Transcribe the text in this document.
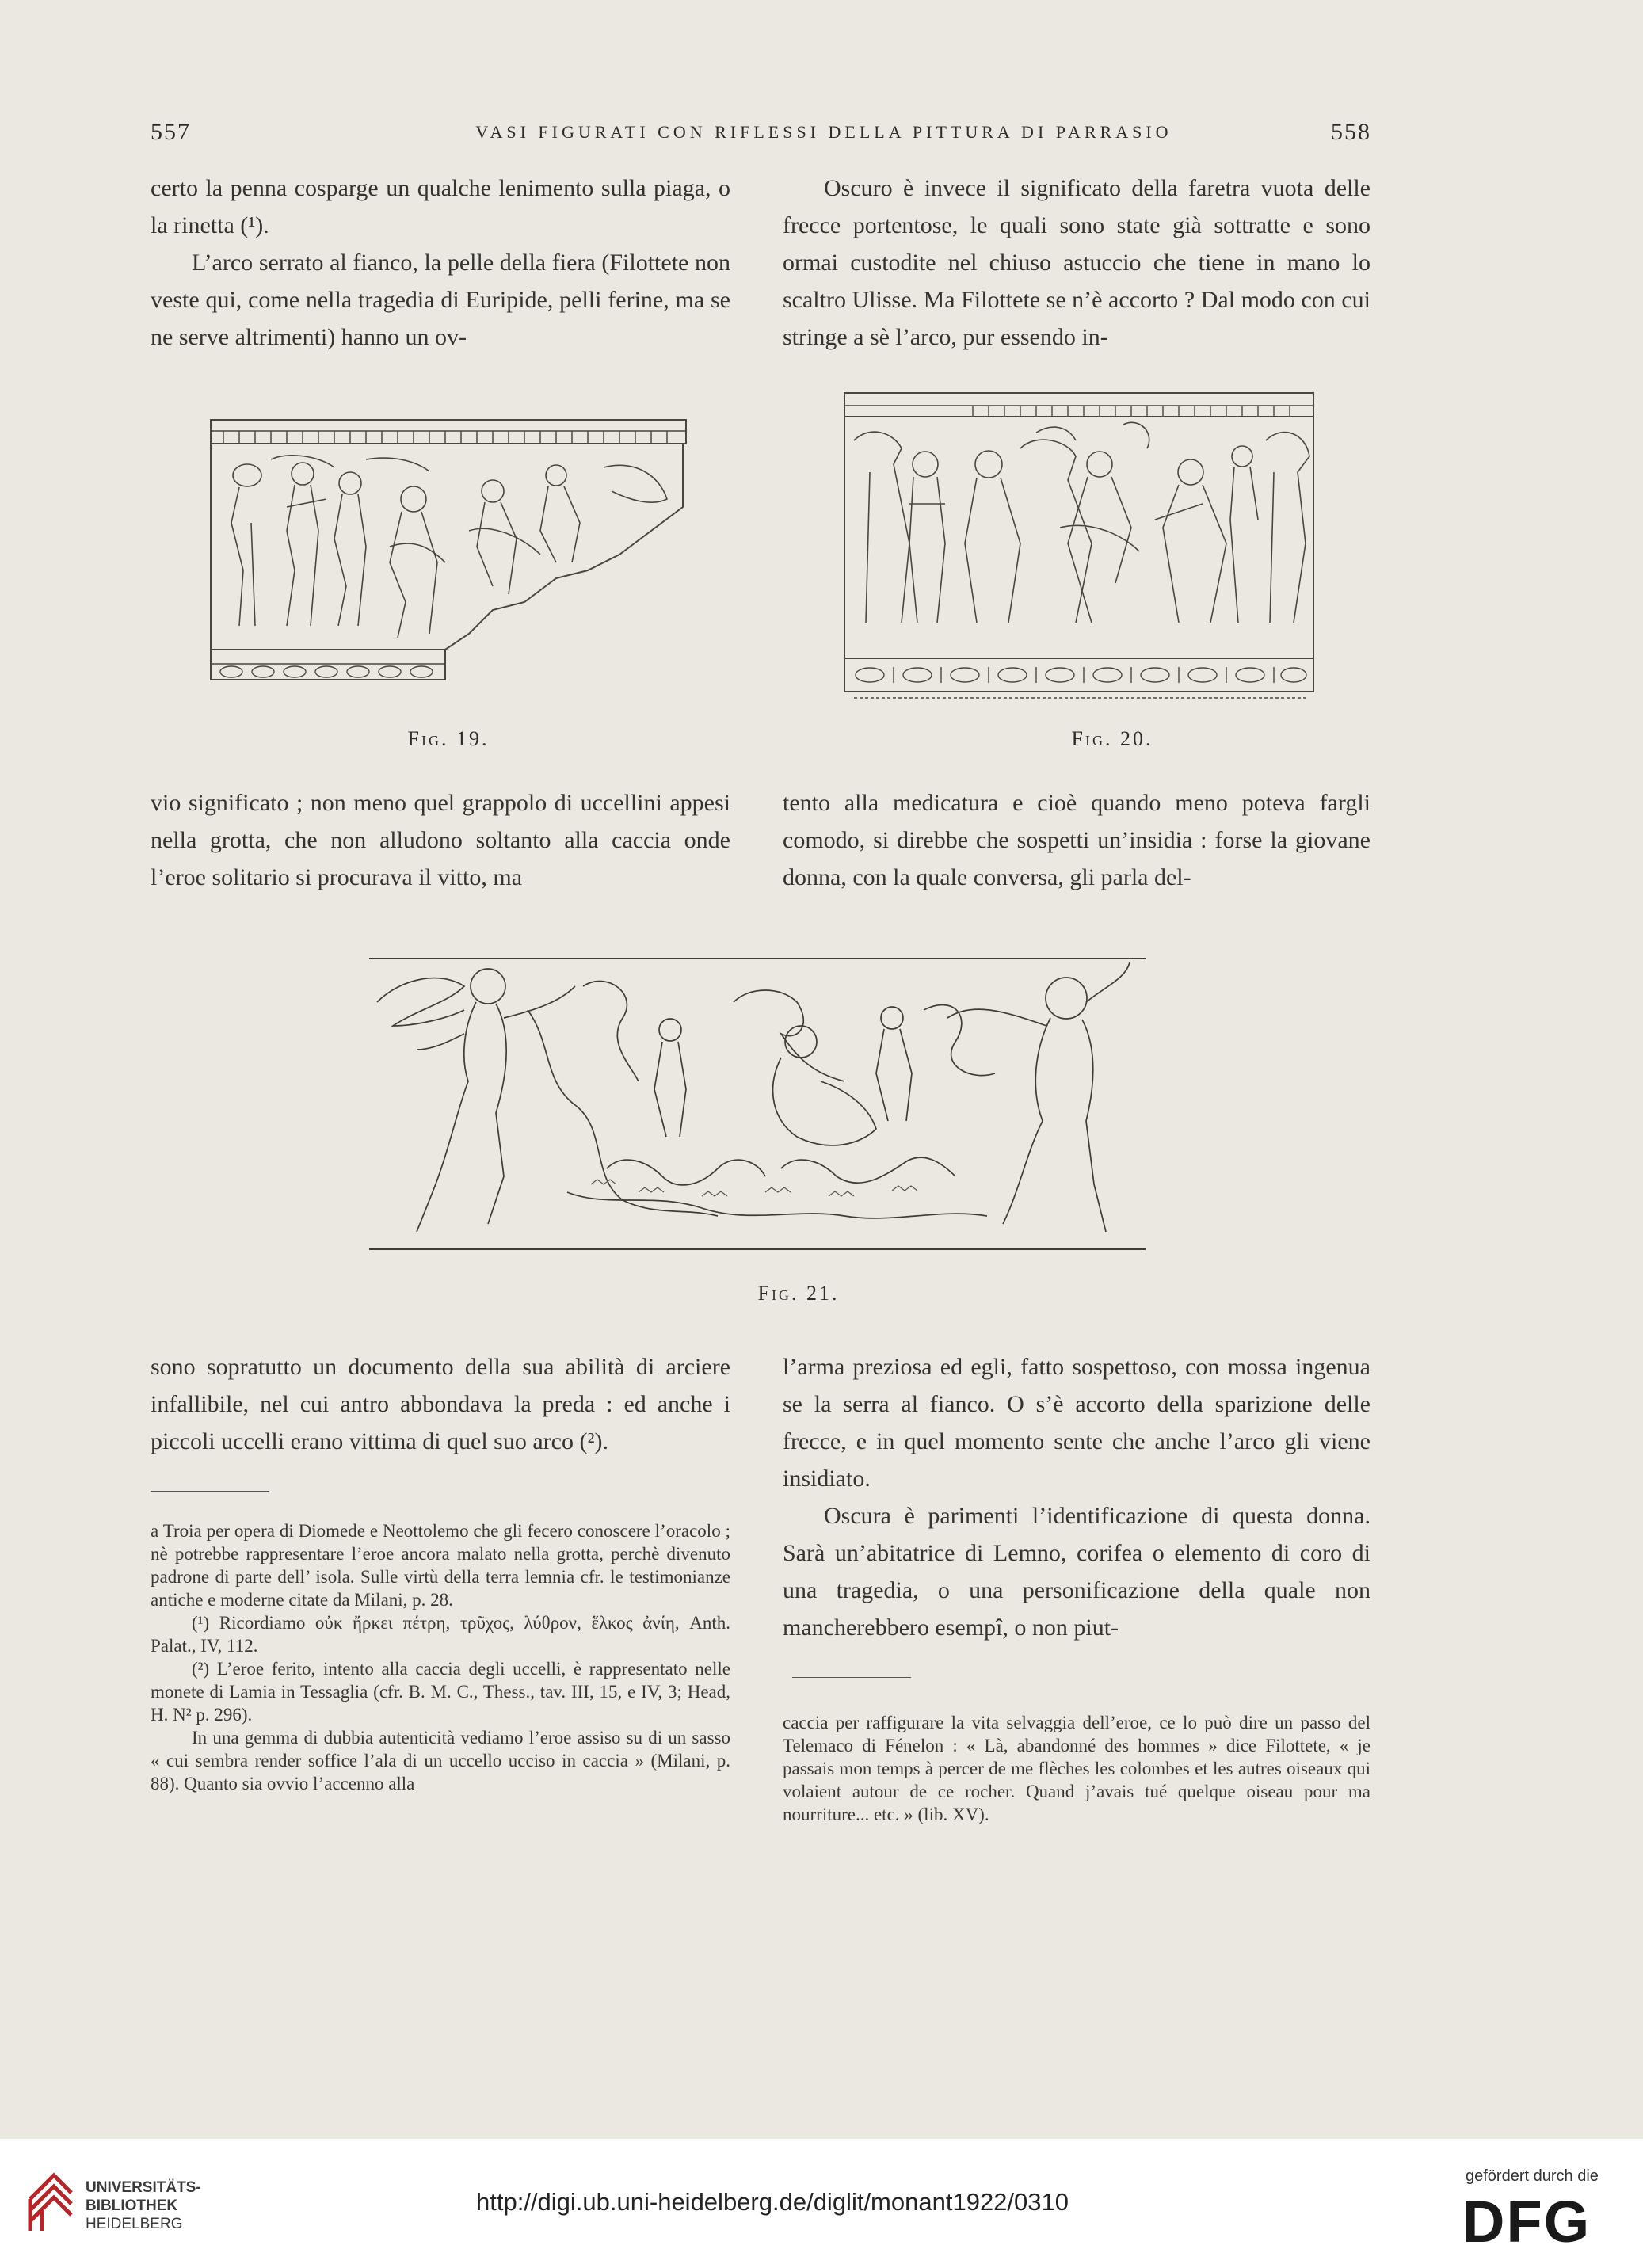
557	VASI FIGURATI CON RIFLESSI DELLA PITTURA DI PARRASIO	558

certo la penna cosparge un qualche lenimento sulla piaga, o la rinetta (¹).

L’arco serrato al fianco, la pelle della fiera (Filottete non veste qui, come nella tragedia di Euripide, pelli ferine, ma se ne serve altrimenti) hanno un ov-

Oscuro è invece il significato della faretra vuota delle frecce portentose, le quali sono state già sottratte e sono ormai custodite nel chiuso astuccio che tiene in mano lo scaltro Ulisse. Ma Filottete se n’è accorto ? Dal modo con cui stringe a sè l’arco, pur essendo in-

Fig. 19.	Fig. 20.

vio significato ; non meno quel grappolo di uccellini appesi nella grotta, che non alludono soltanto alla caccia onde l’eroe solitario si procurava il vitto, ma

tento alla medicatura e cioè quando meno poteva fargli comodo, si direbbe che sospetti un’insidia : forse la giovane donna, con la quale conversa, gli parla del-

Fig. 21.

sono sopratutto un documento della sua abilità di arciere infallibile, nel cui antro abbondava la preda : ed anche i piccoli uccelli erano vittima di quel suo arco (²).

l’arma preziosa ed egli, fatto sospettoso, con mossa ingenua se la serra al fianco. O s’è accorto della sparizione delle frecce, e in quel momento sente che anche l’arco gli viene insidiato.

Oscura è parimenti l’identificazione di questa donna. Sarà un’abitatrice di Lemno, corifea o elemento di coro di una tragedia, o una personificazione della quale non mancherebbero esempî, o non piut-

a Troia per opera di Diomede e Neottolemo che gli fecero conoscere l’oracolo ; nè potrebbe rappresentare l’eroe ancora malato nella grotta, perchè divenuto padrone di parte dell’ isola. Sulle virtù della terra lemnia cfr. le testimonianze antiche e moderne citate da Milani, p. 28.

(¹) Ricordiamo οὐκ ἤρκει πέτρη, τρῦχος, λύθρον, ἕλκος ἀνίη, Anth. Palat., IV, 112.

(²) L’eroe ferito, intento alla caccia degli uccelli, è rappresentato nelle monete di Lamia in Tessaglia (cfr. B. M. C., Thess., tav. III, 15, e IV, 3; Head, H. N² p. 296).

In una gemma di dubbia autenticità vediamo l’eroe assiso su di un sasso « cui sembra render soffice l’ala di un uccello ucciso in caccia » (Milani, p. 88). Quanto sia ovvio l’accenno alla

caccia per raffigurare la vita selvaggia dell’eroe, ce lo può dire un passo del Telemaco di Fénelon : « Là, abandonné des hommes » dice Filottete, « je passais mon temps à percer de me flèches les colombes et les autres oiseaux qui volaient autour de ce rocher. Quand j’avais tué quelque oiseau pour ma nourriture... etc. » (lib. XV).

UNIVERSITÄTS-
BIBLIOTHEK
HEIDELBERG
http://digi.ub.uni-heidelberg.de/diglit/monant1922/0310
gefördert durch die
DFG
